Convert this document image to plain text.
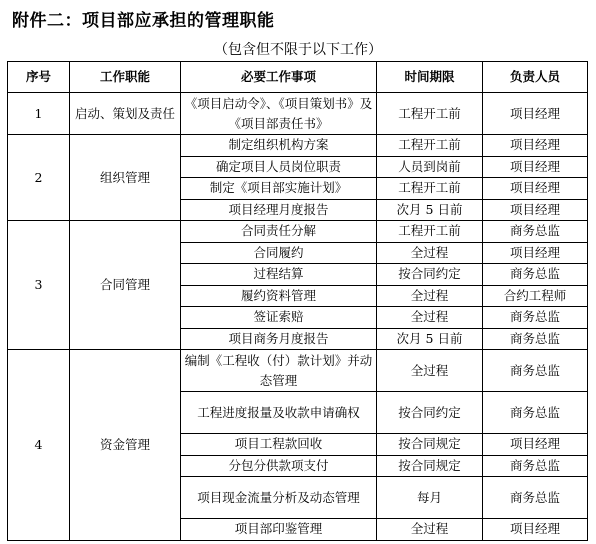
附件二：项目部应承担的管理职能
（包含但不限于以下工作）
序号	工作职能	必要工作事项	时间期限	负责人员
1	启动、策划及责任	《项目启动令》、《项目策划书》及《项目部责任书》	工程开工前	项目经理
2	组织管理	制定组织机构方案	工程开工前	项目经理
		确定项目人员岗位职责	人员到岗前	项目经理
		制定《项目部实施计划》	工程开工前	项目经理
		项目经理月度报告	次月 5 日前	项目经理
3	合同管理	合同责任分解	工程开工前	商务总监
		合同履约	全过程	项目经理
		过程结算	按合同约定	商务总监
		履约资料管理	全过程	合约工程师
		签证索赔	全过程	商务总监
		项目商务月度报告	次月 5 日前	商务总监
4	资金管理	编制《工程收（付）款计划》并动态管理	全过程	商务总监
		工程进度报量及收款申请确权	按合同约定	商务总监
		项目工程款回收	按合同规定	项目经理
		分包分供款项支付	按合同规定	商务总监
		项目现金流量分析及动态管理	每月	商务总监
		项目部印鉴管理	全过程	项目经理
